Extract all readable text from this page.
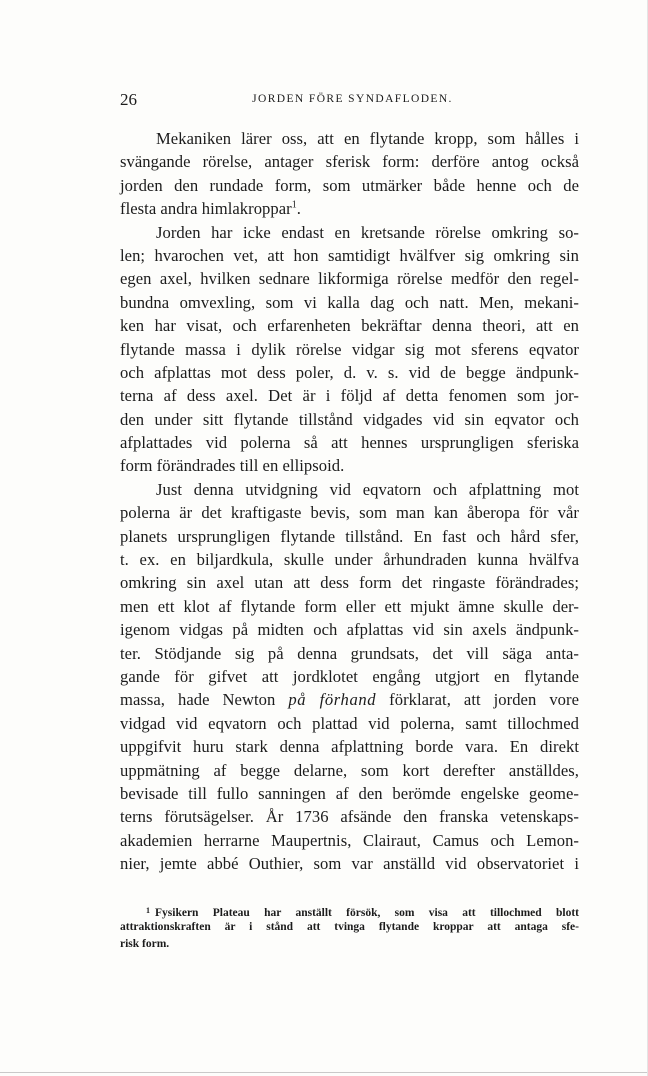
26	JORDEN FÖRE SYNDAFLODEN.
Mekaniken lärer oss, att en flytande kropp, som hålles i
svängande rörelse, antager sferisk form: derföre antog också
jorden den rundade form, som utmärker både henne och de
flesta andra himlakroppar$^1$.
Jorden har icke endast en kretsande rörelse omkring so-
len; hvarochen vet, att hon samtidigt hvälfver sig omkring sin
egen axel, hvilken sednare likformiga rörelse medför den regel-
bundna omvexling, som vi kalla dag och natt. Men, mekani-
ken har visat, och erfarenheten bekräftar denna theori, att en
flytande massa i dylik rörelse vidgar sig mot sferens eqvator
och afplattas mot dess poler, d. v. s. vid de begge ändpunk-
terna af dess axel. Det är i följd af detta fenomen som jor-
den under sitt flytande tillstånd vidgades vid sin eqvator och
afplattades vid polerna så att hennes ursprungligen sferiska
form förändrades till en ellipsoid.
Just denna utvidgning vid eqvatorn och afplattning mot
polerna är det kraftigaste bevis, som man kan åberopa för vår
planets ursprungligen flytande tillstånd. En fast och hård sfer,
t. ex. en biljardkula, skulle under århundraden kunna hvälfva
omkring sin axel utan att dess form det ringaste förändrades;
men ett klot af flytande form eller ett mjukt ämne skulle der-
igenom vidgas på midten och afplattas vid sin axels ändpunk-
ter. Stödjande sig på denna grundsats, det vill säga anta-
gande för gifvet att jordklotet engång utgjort en flytande
massa, hade Newton på förhand förklarat, att jorden vore
vidgad vid eqvatorn och plattad vid polerna, samt tillochmed
uppgifvit huru stark denna afplattning borde vara. En direkt
uppmätning af begge delarne, som kort derefter anställdes,
bevisade till fullo sanningen af den berömde engelske geome-
terns förutsägelser. År 1736 afsände den franska vetenskaps-
akademien herrarne Maupertnis, Clairaut, Camus och Lemon-
nier, jemte abbé Outhier, som var anställd vid observatoriet i
$^1$ Fysikern Plateau har anställt försök, som visa att tillochmed blott
attraktionskraften är i stånd att tvinga flytande kroppar att antaga sfe-
risk form.
